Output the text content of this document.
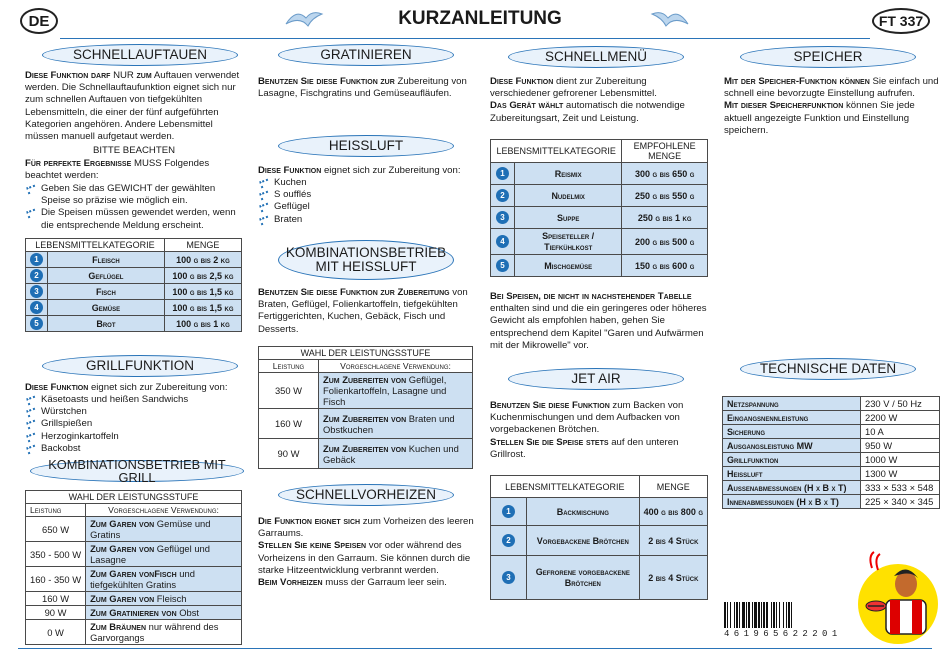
DE	KURZANLEITUNG	FT 337
SCHNELLAUFTAUEN
Diese Funktion darf NUR zum Auftauen verwendet werden. Die Schnellauftaufunktion eignet sich nur zum schnellen Auftauen von tiefgekühlten Lebensmitteln, die einer der fünf aufgeführten Kategorien angehören. Andere Lebensmittel müssen manuell aufgetaut werden.
BITTE BEACHTEN
Für perfekte Ergebnisse MUSS Folgendes beachtet werden:
Geben Sie das GEWICHT der gewählten Speise so präzise wie möglich ein.
Die Speisen müssen gewendet werden, wenn die entsprechende Meldung erscheint.
LEBENSMITTELKATEGORIE		MENGE
1	Fleisch	100 g bis 2 kg
2	Geflügel	100 g bis 2,5 kg
3	Fisch	100 g bis 1,5 kg
4	Gemüse	100 g bis 1,5 kg
5	Brot	100 g bis 1 kg
GRILLFUNKTION
Diese Funktion eignet sich zur Zubereitung von:
Käsetoasts und heißen Sandwichs
Würstchen
Grillspießen
Herzoginkartoffeln
Backobst
KOMBINATIONSBETRIEB MIT GRILL
WAHL DER LEISTUNGSSTUFE	
Leistung	Vorgeschlagene Verwendung:
650 W	Zum Garen von Gemüse und Gratins
350 - 500 W	Zum Garen von Geflügel und Lasagne
160 - 350 W	Zum Garen vonFisch und tiefgekühlten Gratins
160 W	Zum Garen von Fleisch
90 W	Zum Gratinieren von Obst
0 W	Zum Bräunen nur während des Garvorgangs
GRATINIEREN
Benutzen Sie diese Funktion zur Zubereitung von Lasagne, Fischgratins und Gemüseaufläufen.
HEISSLUFT
Diese Funktion eignet sich zur Zubereitung von:
Kuchen
S oufflés
Geflügel
Braten
KOMBINATIONSBETRIEB
MIT HEISSLUFT
Benutzen Sie diese Funktion zur Zubereitung von Braten, Geflügel, Folienkartoffeln, tiefgekühlten Fertiggerichten, Kuchen, Gebäck, Fisch und Desserts.
WAHL DER LEISTUNGSSTUFE	
Leistung	Vorgeschlagene Verwendung:
350 W	Zum Zubereiten von Geflügel, Folienkartoffeln, Lasagne und Fisch
160 W	Zum Zubereiten von Braten und Obstkuchen
90 W	Zum Zubereiten von Kuchen und Gebäck
SCHNELLVORHEIZEN
Die Funktion eignet sich zum Vorheizen des leeren Garraums.
Stellen Sie keine Speisen vor oder während des Vorheizens in den Garraum. Sie können durch die starke Hitzeentwicklung verbrannt werden.
Beim Vorheizen muss der Garraum leer sein.
SCHNELLMENÜ
Diese Funktion dient zur Zubereitung verschiedener gefrorener Lebensmittel.
Das Gerät wählt automatisch die notwendige Zubereitungsart, Zeit und Leistung.
LEBENSMITTELKATEGORIE		EMPFOHLENE MENGE
1	Reismix	300 g bis 650 g
2	Nudelmix	250 g bis 550 g
3	Suppe	250 g bis 1 kg
4	Speiseteller / Tiefkühlkost	200 g bis 500 g
5	Mischgemüse	150 g bis 600 g
Bei Speisen, die nicht in nachstehender Tabelle enthalten sind und die ein geringeres oder höheres Gewicht als empfohlen haben, gehen Sie entsprechend dem Kapitel "Garen und Aufwärmen mit der Mikrowelle" vor.
JET AIR
Benutzen Sie diese Funktion zum Backen von Kuchenmischungen und dem Aufbacken von vorgebackenen Brötchen.
Stellen Sie die Speise stets auf den unteren Grillrost.
LEBENSMITTELKATEGORIE		MENGE
1	Backmischung	400 g bis 800 g
2	Vorgebackene Brötchen	2 bis 4 Stück
3	Gefrorene vorgebackene Brötchen	2 bis 4 Stück
SPEICHER
Mit der Speicher-Funktion können Sie einfach und schnell eine bevorzugte Einstellung aufrufen.
Mit dieser Speicherfunktion können Sie jede aktuell angezeigte Funktion und Einstellung speichern.
TECHNISCHE DATEN
Netzspannung	230 V / 50 Hz
Eingangsnennleistung	2200 W
Sicherung	10 A
Ausgangsleistung MW	950 W
Grillfunktion	1000 W
Heissluft	1300 W
Aussenabmessungen (H x B x T)	333 × 533 × 548
Innenabmessungen (H x B x T)	225 × 340 × 345
4 6 1 9 6 5 6 2 2 2 0 1
